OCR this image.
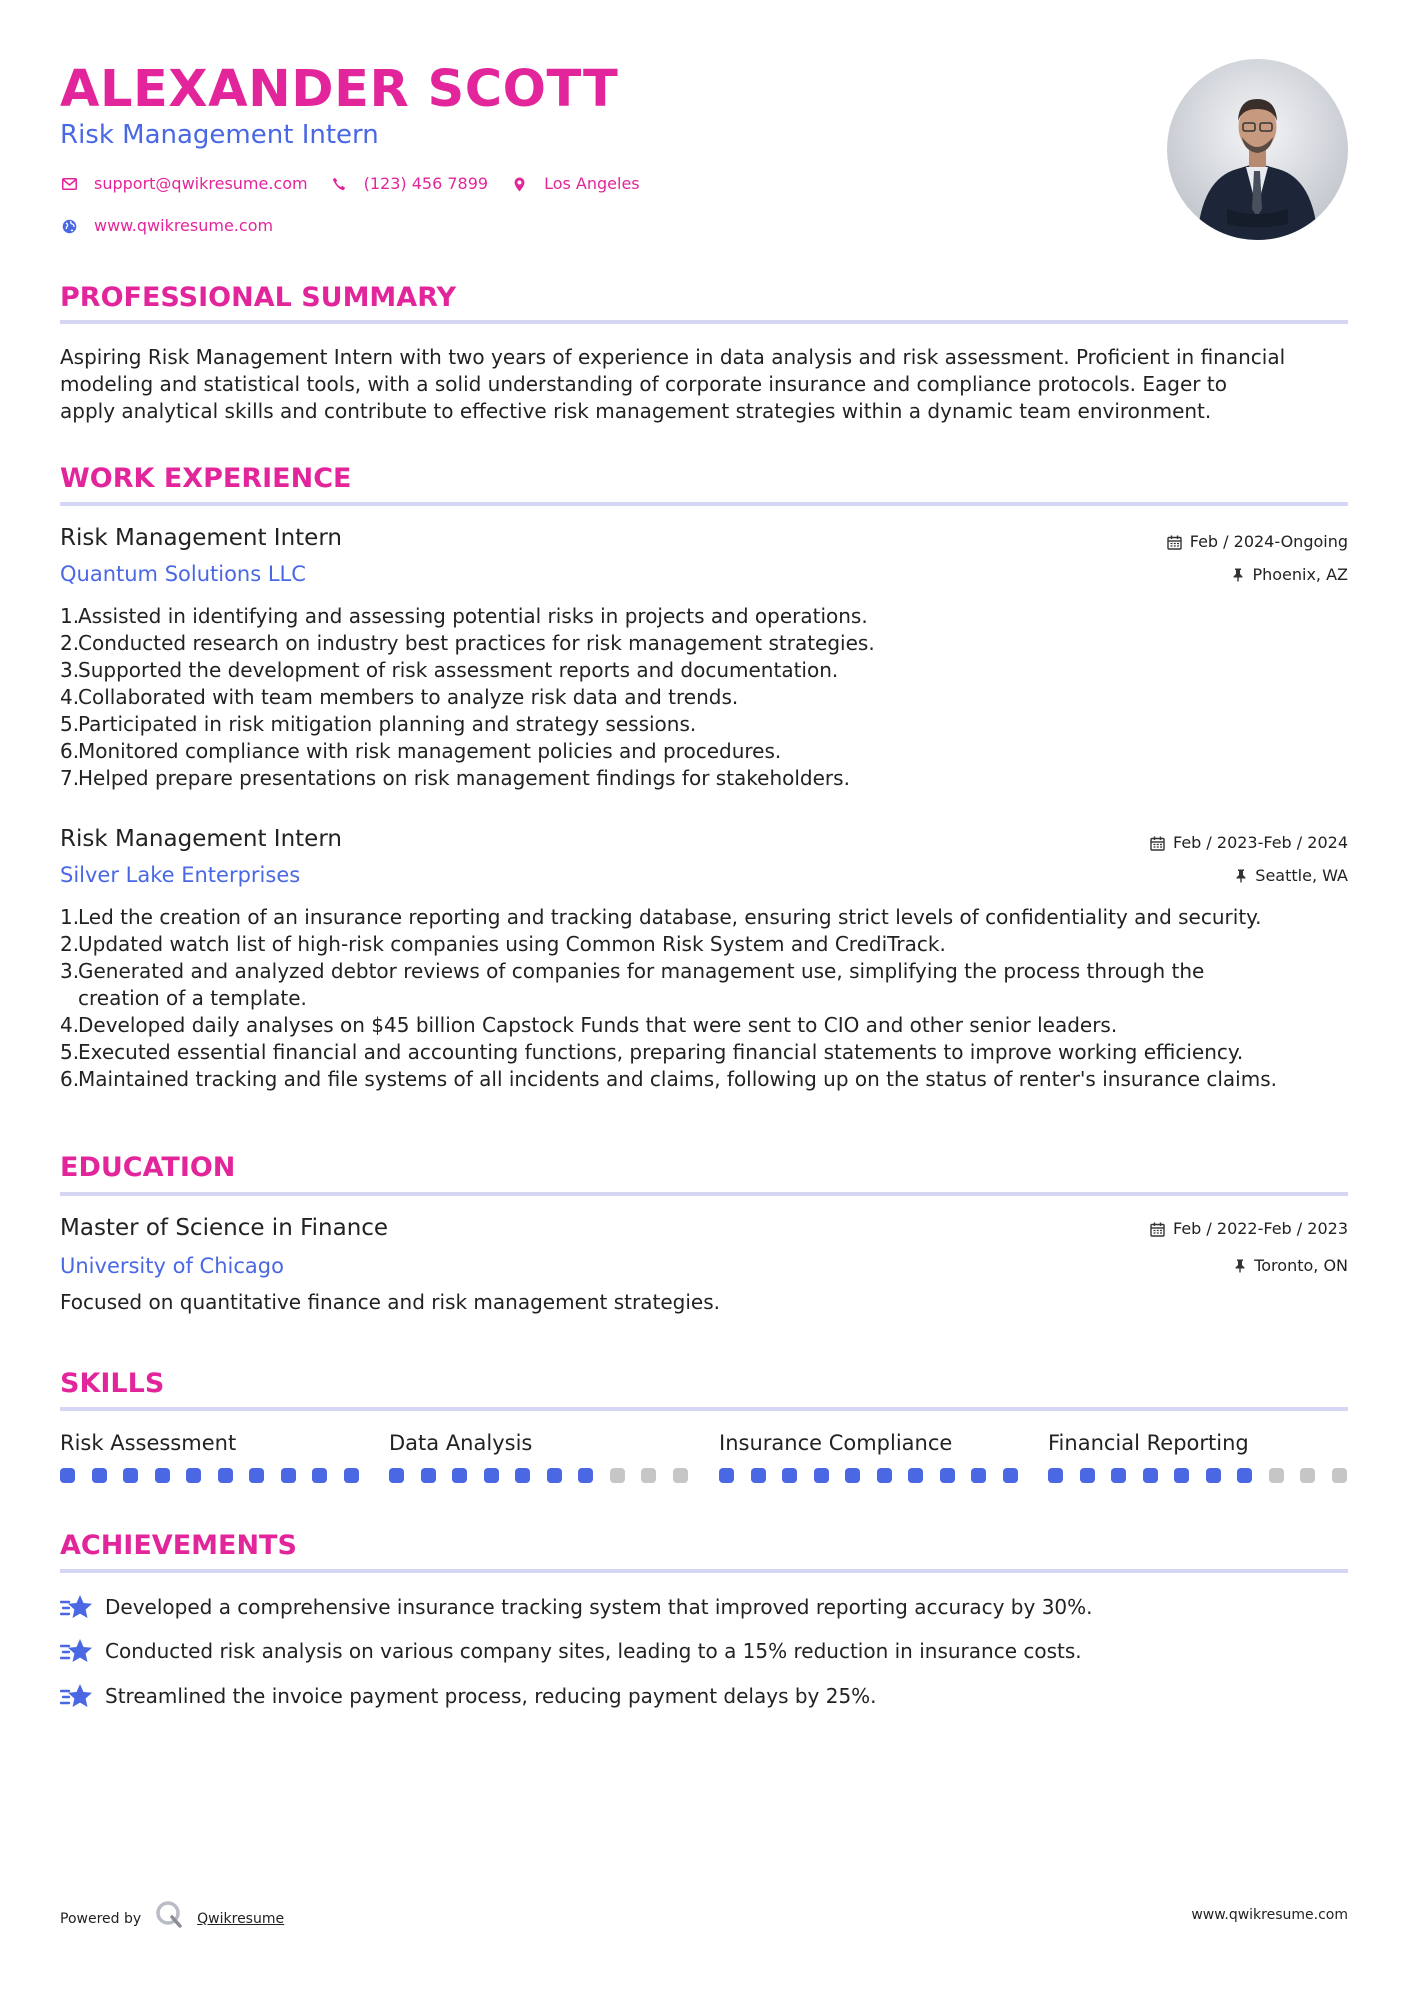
ALEXANDER SCOTT
Risk Management Intern
support@qwikresume.com	(123) 456 7899	Los Angeles
www.qwikresume.com
PROFESSIONAL SUMMARY
Aspiring Risk Management Intern with two years of experience in data analysis and risk assessment. Proficient in financial
modeling and statistical tools, with a solid understanding of corporate insurance and compliance protocols. Eager to
apply analytical skills and contribute to effective risk management strategies within a dynamic team environment.
WORK EXPERIENCE
Risk Management Intern	Feb / 2024-Ongoing
Quantum Solutions LLC	Phoenix, AZ
1.
Assisted in identifying and assessing potential risks in projects and operations.
2.
Conducted research on industry best practices for risk management strategies.
3.
Supported the development of risk assessment reports and documentation.
4.
Collaborated with team members to analyze risk data and trends.
5.
Participated in risk mitigation planning and strategy sessions.
6.
Monitored compliance with risk management policies and procedures.
7.
Helped prepare presentations on risk management findings for stakeholders.
Risk Management Intern	Feb / 2023-Feb / 2024
Silver Lake Enterprises	Seattle, WA
1.
Led the creation of an insurance reporting and tracking database, ensuring strict levels of confidentiality and security.
2.
Updated watch list of high-risk companies using Common Risk System and CrediTrack.
3.
Generated and analyzed debtor reviews of companies for management use, simplifying the process through the
creation of a template.
4.
Developed daily analyses on $45 billion Capstock Funds that were sent to CIO and other senior leaders.
5.
Executed essential financial and accounting functions, preparing financial statements to improve working efficiency.
6.
Maintained tracking and file systems of all incidents and claims, following up on the status of renter's insurance claims.
EDUCATION
Master of Science in Finance	Feb / 2022-Feb / 2023
University of Chicago	Toronto, ON
Focused on quantitative finance and risk management strategies.
SKILLS
Risk Assessment	Data Analysis	Insurance Compliance	Financial Reporting
ACHIEVEMENTS
Developed a comprehensive insurance tracking system that improved reporting accuracy by 30%.
Conducted risk analysis on various company sites, leading to a 15% reduction in insurance costs.
Streamlined the invoice payment process, reducing payment delays by 25%.
Powered by	Qwikresume	www.qwikresume.com
